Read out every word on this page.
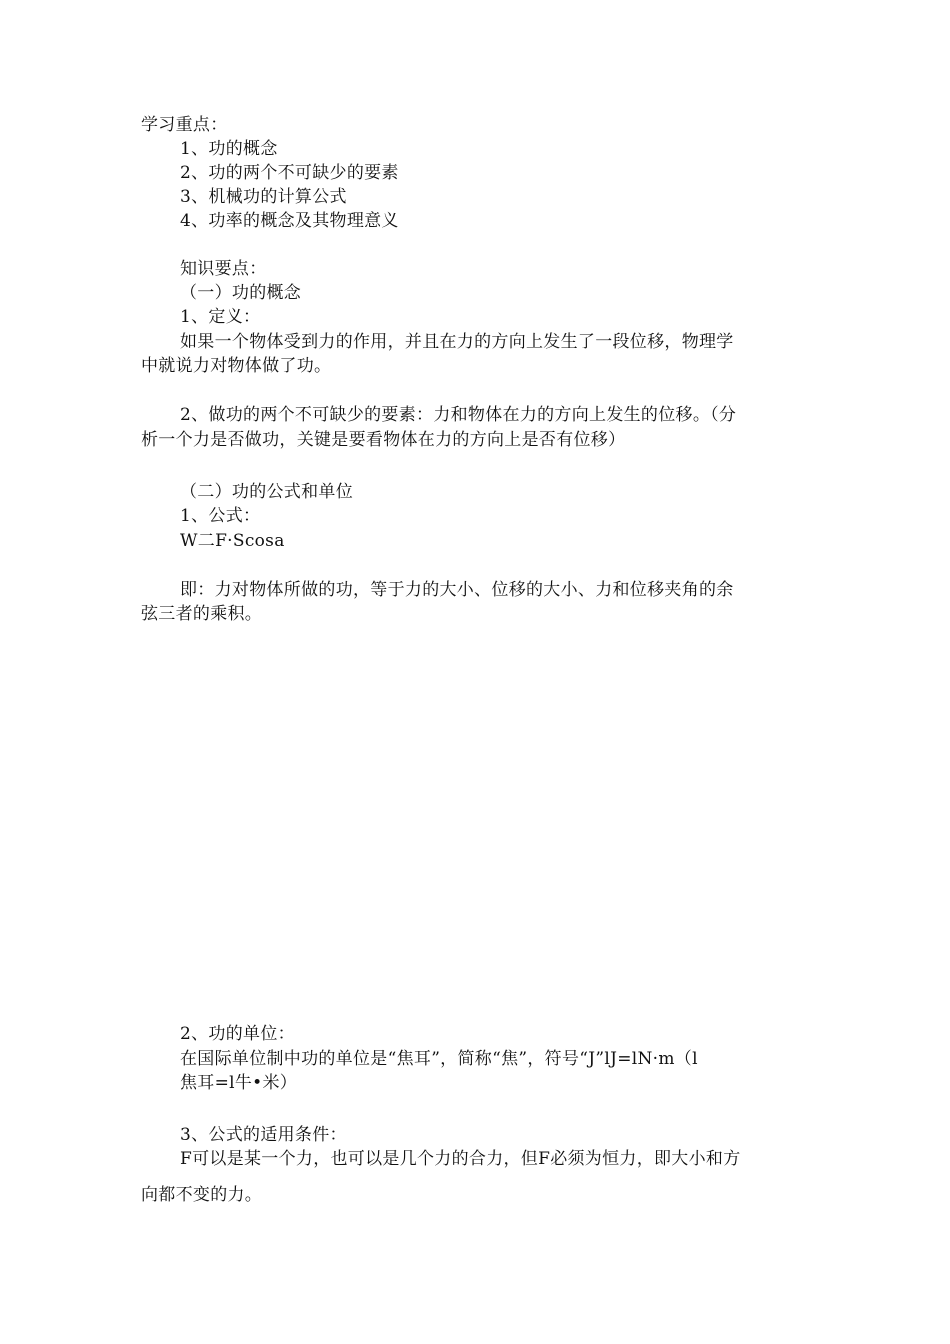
学习重点：
1、功的概念
2、功的两个不可缺少的要素
3、机械功的计算公式
4、功率的概念及其物理意义
知识要点：
（一）功的概念
1、定义：
如果一个物体受到力的作用，并且在力的方向上发生了一段位移，物理学
中就说力对物体做了功。
2、做功的两个不可缺少的要素：力和物体在力的方向上发生的位移。（分
析一个力是否做功，关键是要看物体在力的方向上是否有位移）
（二）功的公式和单位
1、公式：
W二F·Scosa
即：力对物体所做的功，等于力的大小、位移的大小、力和位移夹角的余
弦三者的乘积。
2、功的单位：
在国际单位制中功的单位是“焦耳”，简称“焦”，符号“J”lJ=lN·m（l
焦耳=l牛•米）
3、公式的适用条件：
F可以是某一个力，也可以是几个力的合力，但F必须为恒力，即大小和方
向都不变的力。
